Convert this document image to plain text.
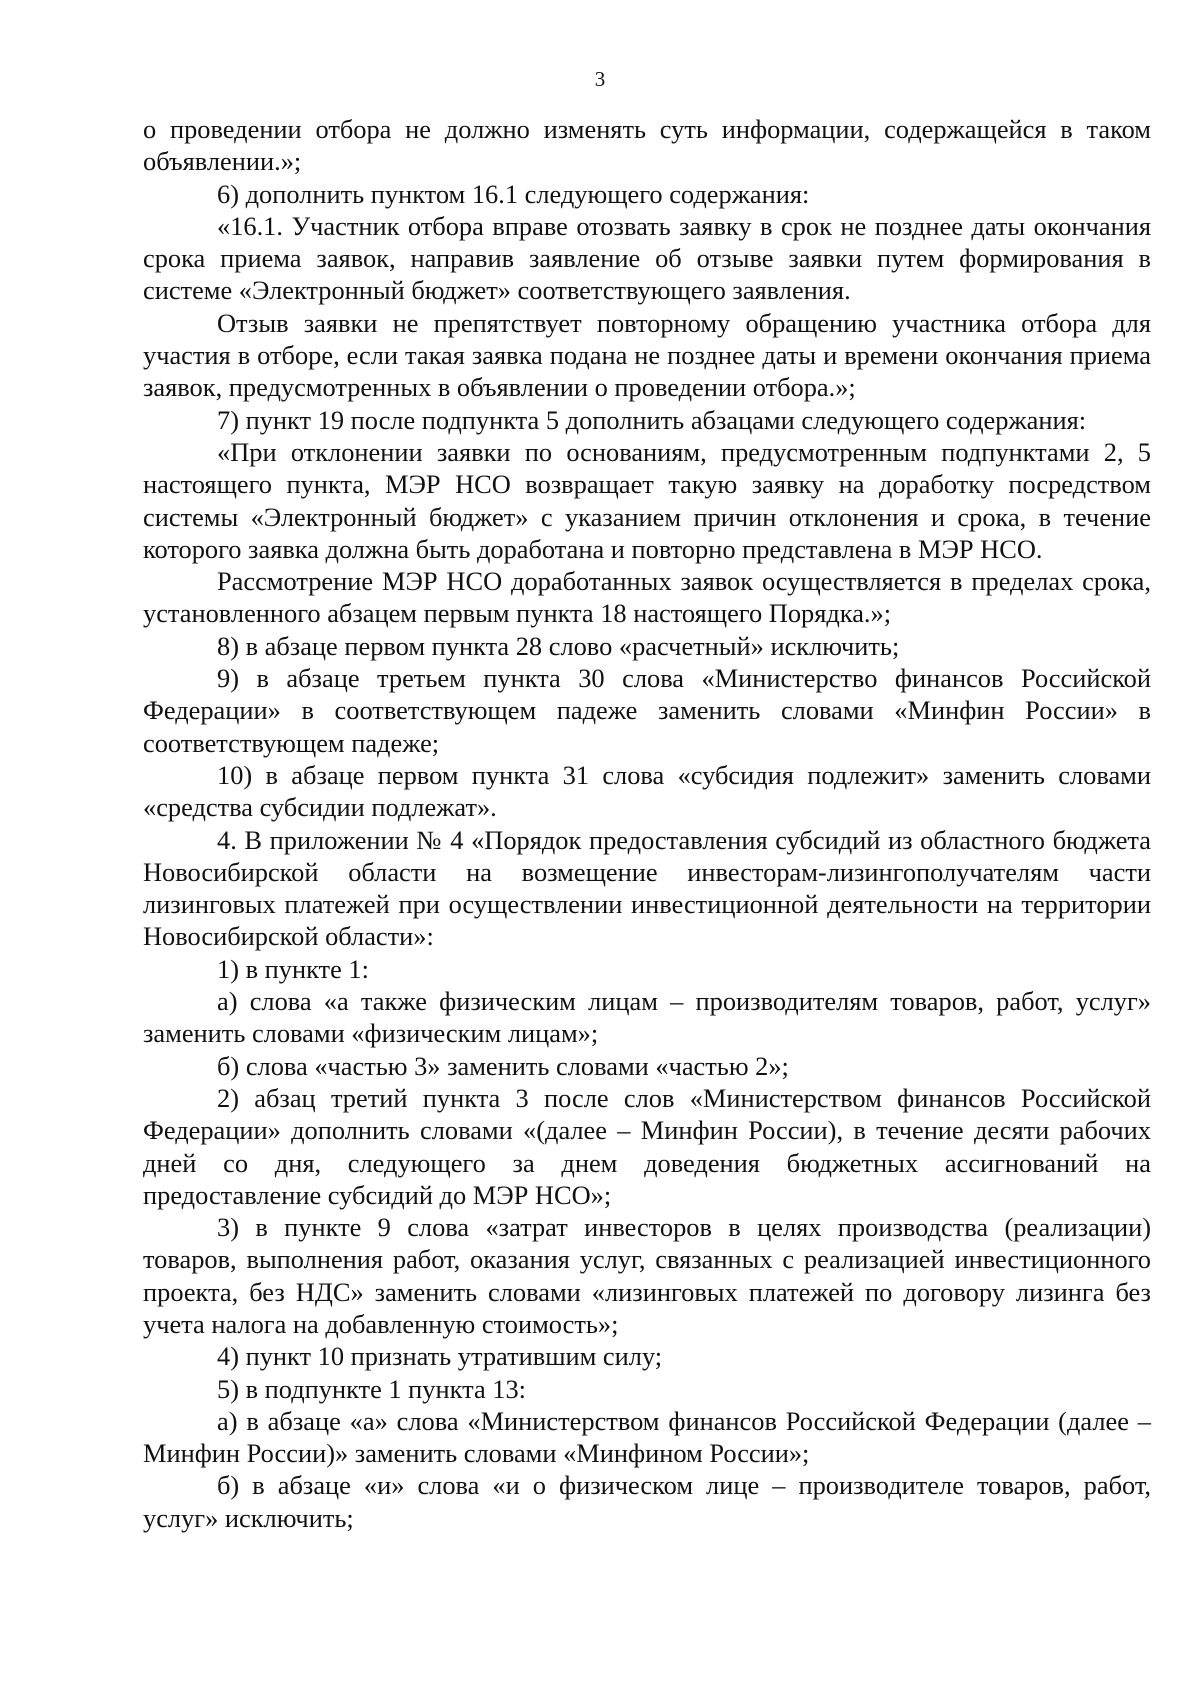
3

о проведении отбора не должно изменять суть информации, содержащейся в таком объявлении.»;

6) дополнить пунктом 16.1 следующего содержания:

«16.1. Участник отбора вправе отозвать заявку в срок не позднее даты окончания срока приема заявок, направив заявление об отзыве заявки путем формирования в системе «Электронный бюджет» соответствующего заявления.

Отзыв заявки не препятствует повторному обращению участника отбора для участия в отборе, если такая заявка подана не позднее даты и времени окончания приема заявок, предусмотренных в объявлении о проведении отбора.»;

7) пункт 19 после подпункта 5 дополнить абзацами следующего содержания:

«При отклонении заявки по основаниям, предусмотренным подпунктами 2, 5 настоящего пункта, МЭР НСО возвращает такую заявку на доработку посредством системы «Электронный бюджет» с указанием причин отклонения и срока, в течение которого заявка должна быть доработана и повторно представлена в МЭР НСО.

Рассмотрение МЭР НСО доработанных заявок осуществляется в пределах срока, установленного абзацем первым пункта 18 настоящего Порядка.»;

8) в абзаце первом пункта 28 слово «расчетный» исключить;

9) в абзаце третьем пункта 30 слова «Министерство финансов Российской Федерации» в соответствующем падеже заменить словами «Минфин России» в соответствующем падеже;

10) в абзаце первом пункта 31 слова «субсидия подлежит» заменить словами «средства субсидии подлежат».

4. В приложении № 4 «Порядок предоставления субсидий из областного бюджета Новосибирской области на возмещение инвесторам-лизингополучателям части лизинговых платежей при осуществлении инвестиционной деятельности на территории Новосибирской области»:

1) в пункте 1:

а) слова «а также физическим лицам – производителям товаров, работ, услуг» заменить словами «физическим лицам»;

б) слова «частью 3» заменить словами «частью 2»;

2) абзац третий пункта 3 после слов «Министерством финансов Российской Федерации» дополнить словами «(далее – Минфин России), в течение десяти рабочих дней со дня, следующего за днем доведения бюджетных ассигнований на предоставление субсидий до МЭР НСО»;

3) в пункте 9 слова «затрат инвесторов в целях производства (реализации) товаров, выполнения работ, оказания услуг, связанных с реализацией инвестиционного проекта, без НДС» заменить словами «лизинговых платежей по договору лизинга без учета налога на добавленную стоимость»;

4) пункт 10 признать утратившим силу;

5) в подпункте 1 пункта 13:

а) в абзаце «а» слова «Министерством финансов Российской Федерации (далее – Минфин России)» заменить словами «Минфином России»;

б) в абзаце «и» слова «и о физическом лице – производителе товаров, работ, услуг» исключить;
